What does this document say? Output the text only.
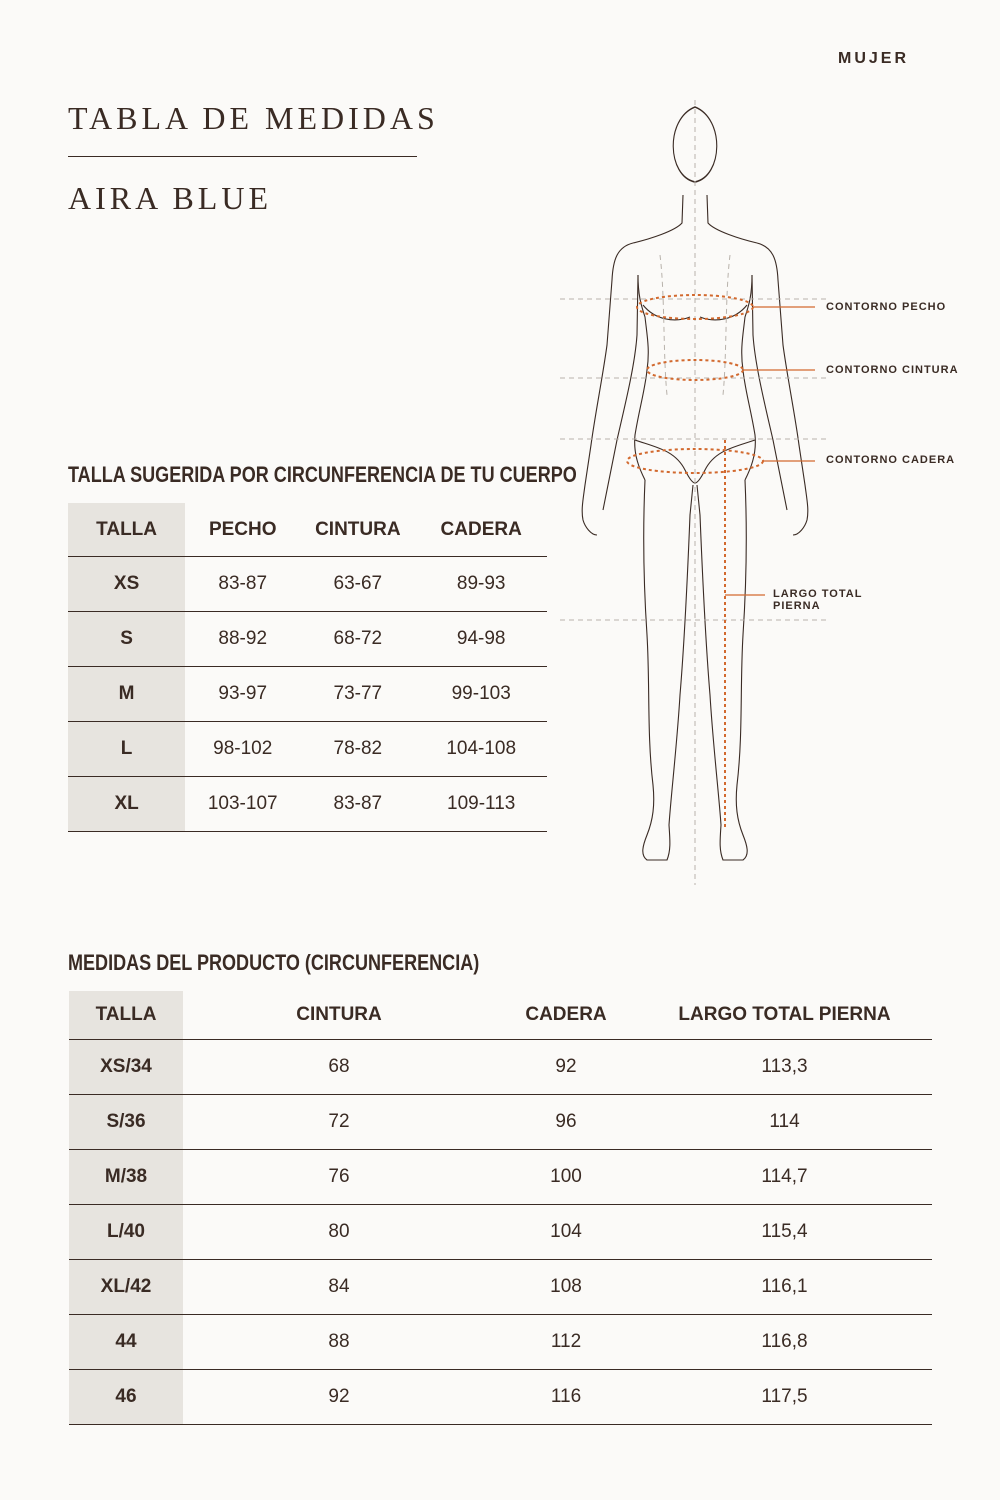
MUJER
TABLA DE MEDIDAS
AIRA BLUE
CONTORNO PECHO
CONTORNO CINTURA
CONTORNO CADERA
LARGO TOTAL
PIERNA
TALLA SUGERIDA POR CIRCUNFERENCIA DE TU CUERPO
TALLA	PECHO	CINTURA	CADERA
XS	83-87	63-67	89-93
S	88-92	68-72	94-98
M	93-97	73-77	99-103
L	98-102	78-82	104-108
XL	103-107	83-87	109-113
MEDIDAS DEL PRODUCTO (CIRCUNFERENCIA)
TALLA	CINTURA	CADERA	LARGO TOTAL PIERNA
XS/34	68	92	113,3
S/36	72	96	114
M/38	76	100	114,7
L/40	80	104	115,4
XL/42	84	108	116,1
44	88	112	116,8
46	92	116	117,5
